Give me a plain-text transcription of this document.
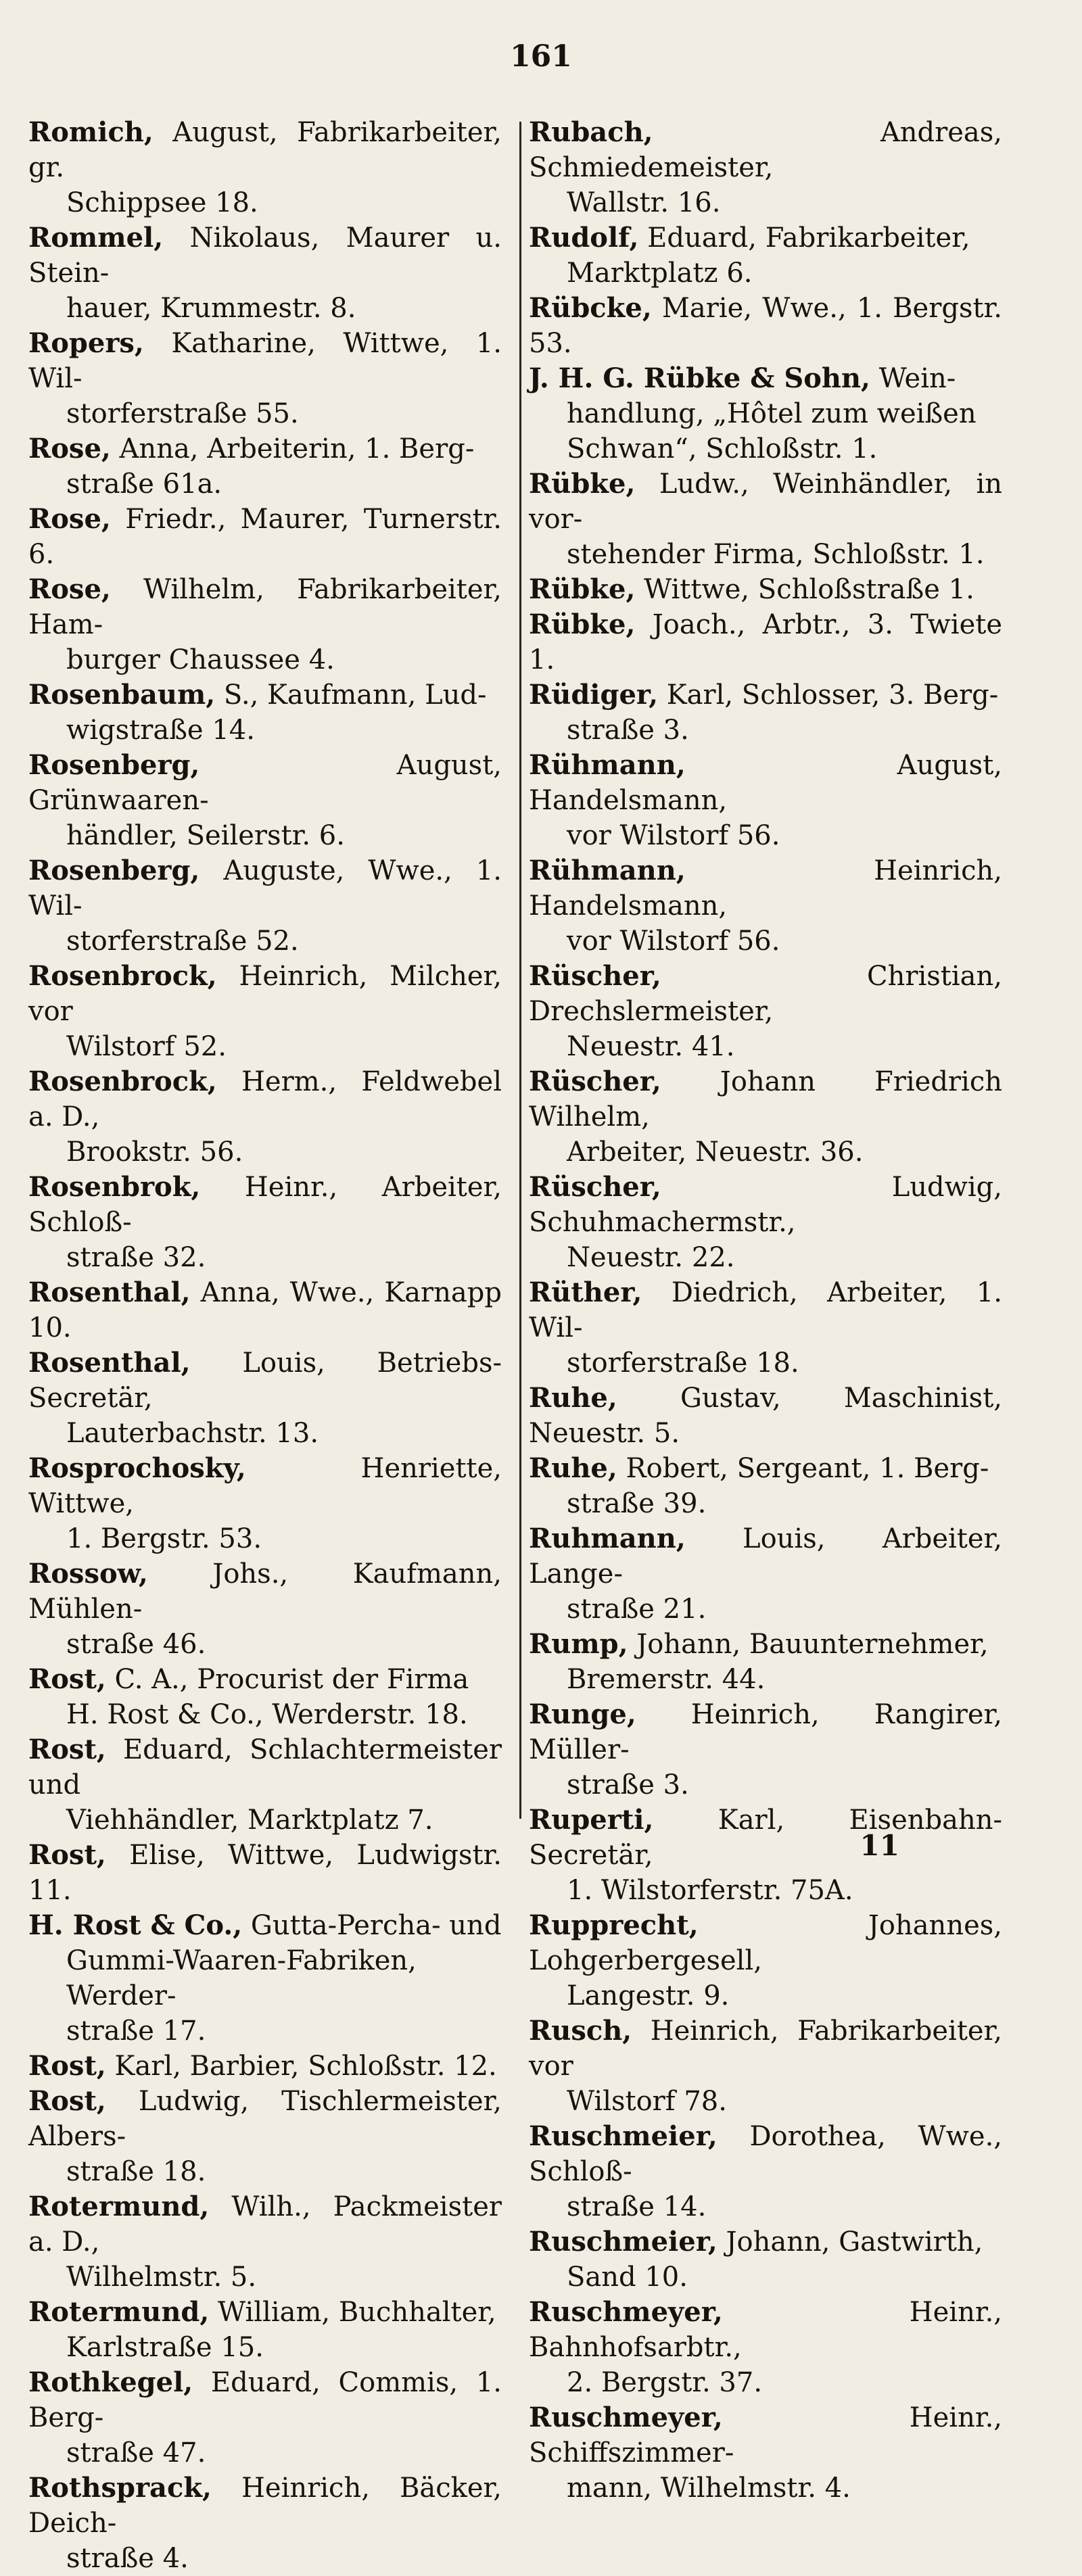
161

Romich, August, Fabrikarbeiter, gr.
Schippsee 18.

Rommel, Nikolaus, Maurer u. Stein-
hauer, Krummestr. 8.

Ropers, Katharine, Wittwe, 1. Wil-
storferstraße 55.

Rose, Anna, Arbeiterin, 1. Berg-
straße 61a.

Rose, Friedr., Maurer, Turnerstr. 6.

Rose, Wilhelm, Fabrikarbeiter, Ham-
burger Chaussee 4.

Rosenbaum, S., Kaufmann, Lud-
wigstraße 14.

Rosenberg, August, Grünwaaren-
händler, Seilerstr. 6.

Rosenberg, Auguste, Wwe., 1. Wil-
storferstraße 52.

Rosenbrock, Heinrich, Milcher, vor
Wilstorf 52.

Rosenbrock, Herm., Feldwebel a. D.,
Brookstr. 56.

Rosenbrok, Heinr., Arbeiter, Schloß-
straße 32.

Rosenthal, Anna, Wwe., Karnapp 10.

Rosenthal, Louis, Betriebs-Secretär,
Lauterbachstr. 13.

Rosprochosky, Henriette, Wittwe,
1. Bergstr. 53.

Rossow, Johs., Kaufmann, Mühlen-
straße 46.

Rost, C. A., Procurist der Firma
H. Rost & Co., Werderstr. 18.

Rost, Eduard, Schlachtermeister und
Viehhändler, Marktplatz 7.

Rost, Elise, Wittwe, Ludwigstr. 11.

H. Rost & Co., Gutta-Percha- und
Gummi-Waaren-Fabriken, Werder-
straße 17.

Rost, Karl, Barbier, Schloßstr. 12.

Rost, Ludwig, Tischlermeister, Albers-
straße 18.

Rotermund, Wilh., Packmeister a. D.,
Wilhelmstr. 5.

Rotermund, William, Buchhalter,
Karlstraße 15.

Rothkegel, Eduard, Commis, 1. Berg-
straße 47.

Rothsprack, Heinrich, Bäcker, Deich-
straße 4.

Rubach, Andreas, Schmiedemeister,
Wallstr. 16.

Rudolf, Eduard, Fabrikarbeiter,
Marktplatz 6.

Rübcke, Marie, Wwe., 1. Bergstr. 53.

J. H. G. Rübke & Sohn, Wein-
handlung, „Hôtel zum weißen
Schwan“, Schloßstr. 1.

Rübke, Ludw., Weinhändler, in vor-
stehender Firma, Schloßstr. 1.

Rübke, Wittwe, Schloßstraße 1.

Rübke, Joach., Arbtr., 3. Twiete 1.

Rüdiger, Karl, Schlosser, 3. Berg-
straße 3.

Rühmann, August, Handelsmann,
vor Wilstorf 56.

Rühmann, Heinrich, Handelsmann,
vor Wilstorf 56.

Rüscher, Christian, Drechslermeister,
Neuestr. 41.

Rüscher, Johann Friedrich Wilhelm,
Arbeiter, Neuestr. 36.

Rüscher, Ludwig, Schuhmachermstr.,
Neuestr. 22.

Rüther, Diedrich, Arbeiter, 1. Wil-
storferstraße 18.

Ruhe, Gustav, Maschinist, Neuestr. 5.

Ruhe, Robert, Sergeant, 1. Berg-
straße 39.

Ruhmann, Louis, Arbeiter, Lange-
straße 21.

Rump, Johann, Bauunternehmer,
Bremerstr. 44.

Runge, Heinrich, Rangirer, Müller-
straße 3.

Ruperti, Karl, Eisenbahn-Secretär,
1. Wilstorferstr. 75A.

Rupprecht, Johannes, Lohgerbergesell,
Langestr. 9.

Rusch, Heinrich, Fabrikarbeiter, vor
Wilstorf 78.

Ruschmeier, Dorothea, Wwe., Schloß-
straße 14.

Ruschmeier, Johann, Gastwirth,
Sand 10.

Ruschmeyer, Heinr., Bahnhofsarbtr.,
2. Bergstr. 37.

Ruschmeyer, Heinr., Schiffszimmer-
mann, Wilhelmstr. 4.

11
